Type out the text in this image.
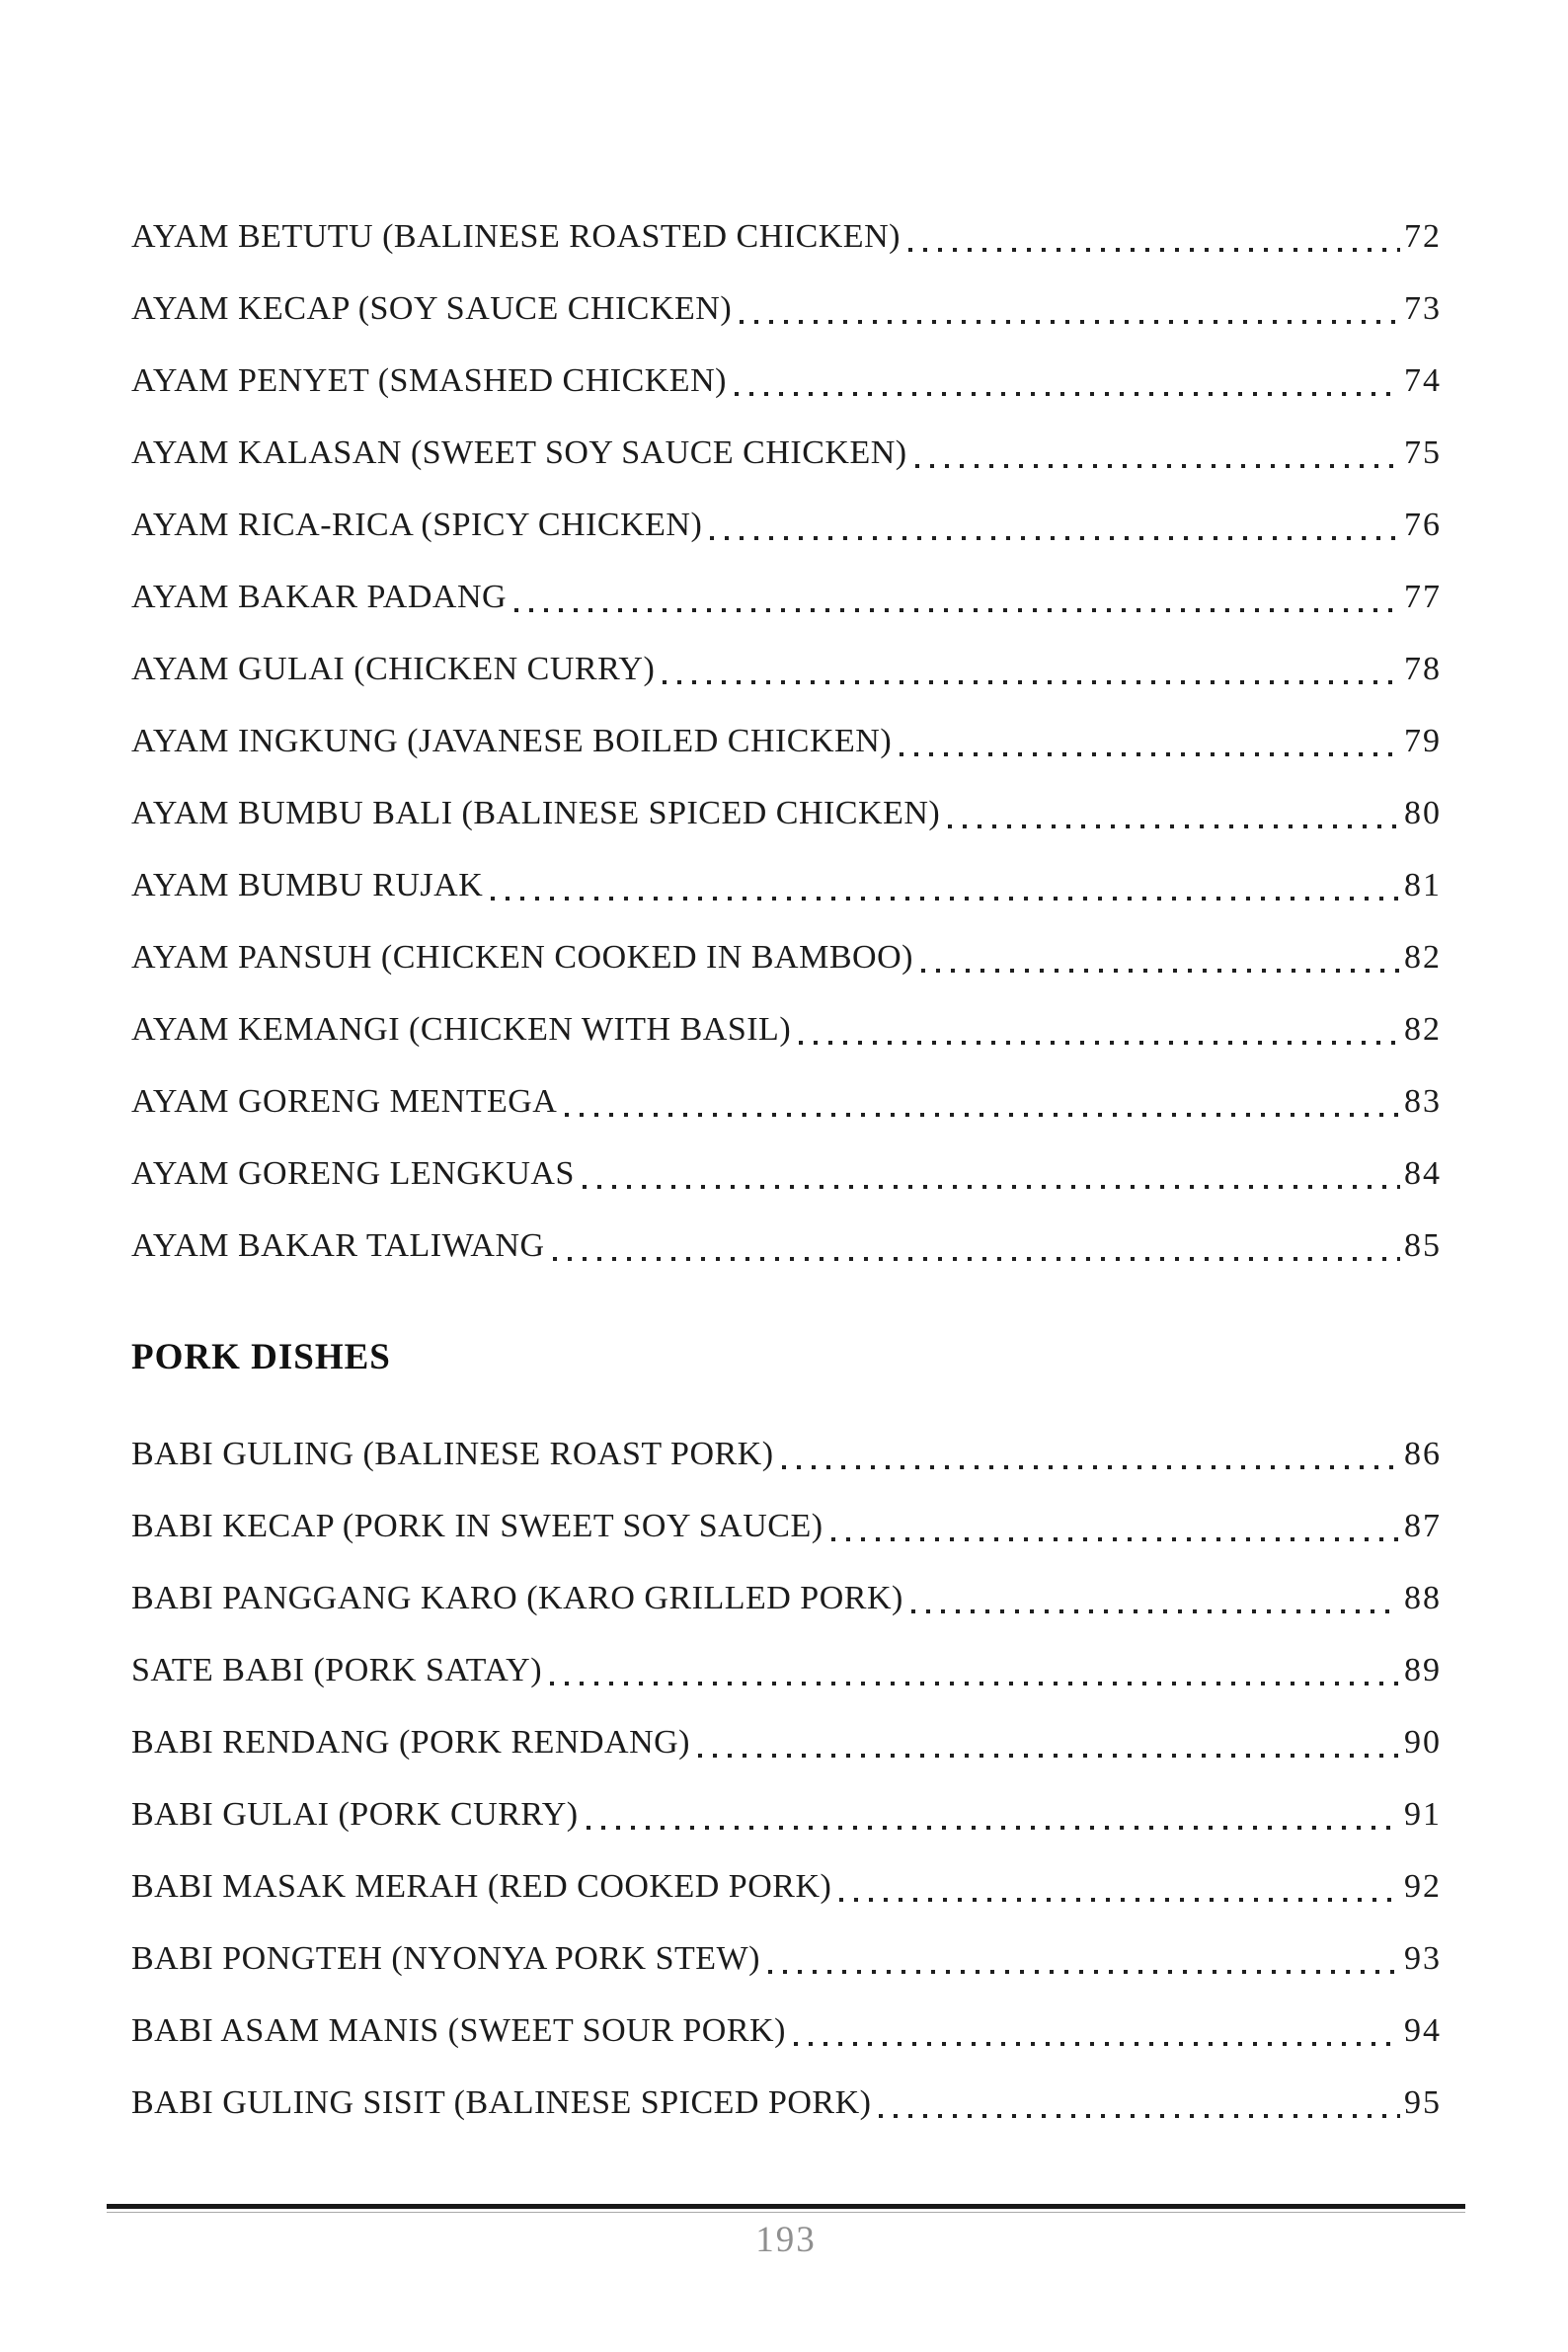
AYAM BETUTU (BALINESE ROASTED CHICKEN)	72
AYAM KECAP (SOY SAUCE CHICKEN)	73
AYAM PENYET (SMASHED CHICKEN)	74
AYAM KALASAN (SWEET SOY SAUCE CHICKEN)	75
AYAM RICA-RICA (SPICY CHICKEN)	76
AYAM BAKAR PADANG	77
AYAM GULAI (CHICKEN CURRY)	78
AYAM INGKUNG (JAVANESE BOILED CHICKEN)	79
AYAM BUMBU BALI (BALINESE SPICED CHICKEN)	80
AYAM BUMBU RUJAK	81
AYAM PANSUH (CHICKEN COOKED IN BAMBOO)	82
AYAM KEMANGI (CHICKEN WITH BASIL)	82
AYAM GORENG MENTEGA	83
AYAM GORENG LENGKUAS	84
AYAM BAKAR TALIWANG	85
PORK DISHES
BABI GULING (BALINESE ROAST PORK)	86
BABI KECAP (PORK IN SWEET SOY SAUCE)	87
BABI PANGGANG KARO (KARO GRILLED PORK)	88
SATE BABI (PORK SATAY)	89
BABI RENDANG (PORK RENDANG)	90
BABI GULAI (PORK CURRY)	91
BABI MASAK MERAH (RED COOKED PORK)	92
BABI PONGTEH (NYONYA PORK STEW)	93
BABI ASAM MANIS (SWEET SOUR PORK)	94
BABI GULING SISIT (BALINESE SPICED PORK)	95
193
